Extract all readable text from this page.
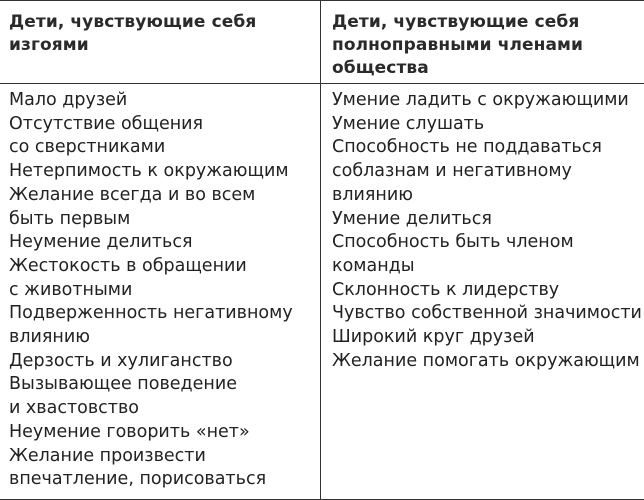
Дети, чувствующие себя изгоями
Дети, чувствующие себя полноправными членами общества
Мало друзей
Отсутствие общения
со сверстниками
Нетерпимость к окружающим
Желание всегда и во всем
быть первым
Неумение делиться
Жестокость в обращении
с животными
Подверженность негативному
влиянию
Дерзость и хулиганство
Вызывающее поведение
и хвастовство
Неумение говорить «нет»
Желание произвести
впечатление, порисоваться
Умение ладить с окружающими
Умение слушать
Способность не поддаваться
соблазнам и негативному
влиянию
Умение делиться
Способность быть членом
команды
Склонность к лидерству
Чувство собственной значимости
Широкий круг друзей
Желание помогать окружающим
